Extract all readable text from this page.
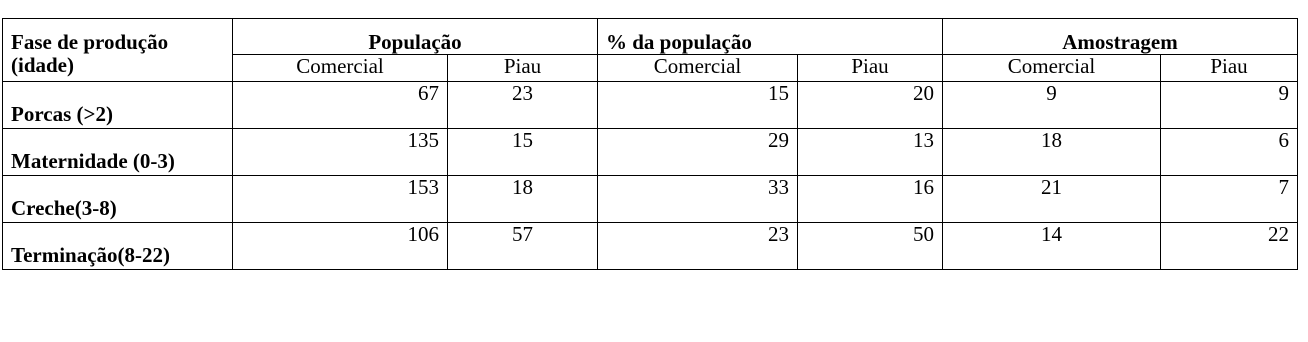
Fase de produção (idade)	População		% da população		Amostragem	
	Comercial	Piau	Comercial	Piau	Comercial	Piau
Porcas (>2)	67	23	15	20	9	9
Maternidade (0-3)	135	15	29	13	18	6
Creche(3-8)	153	18	33	16	21	7
Terminação(8-22)	106	57	23	50	14	22
